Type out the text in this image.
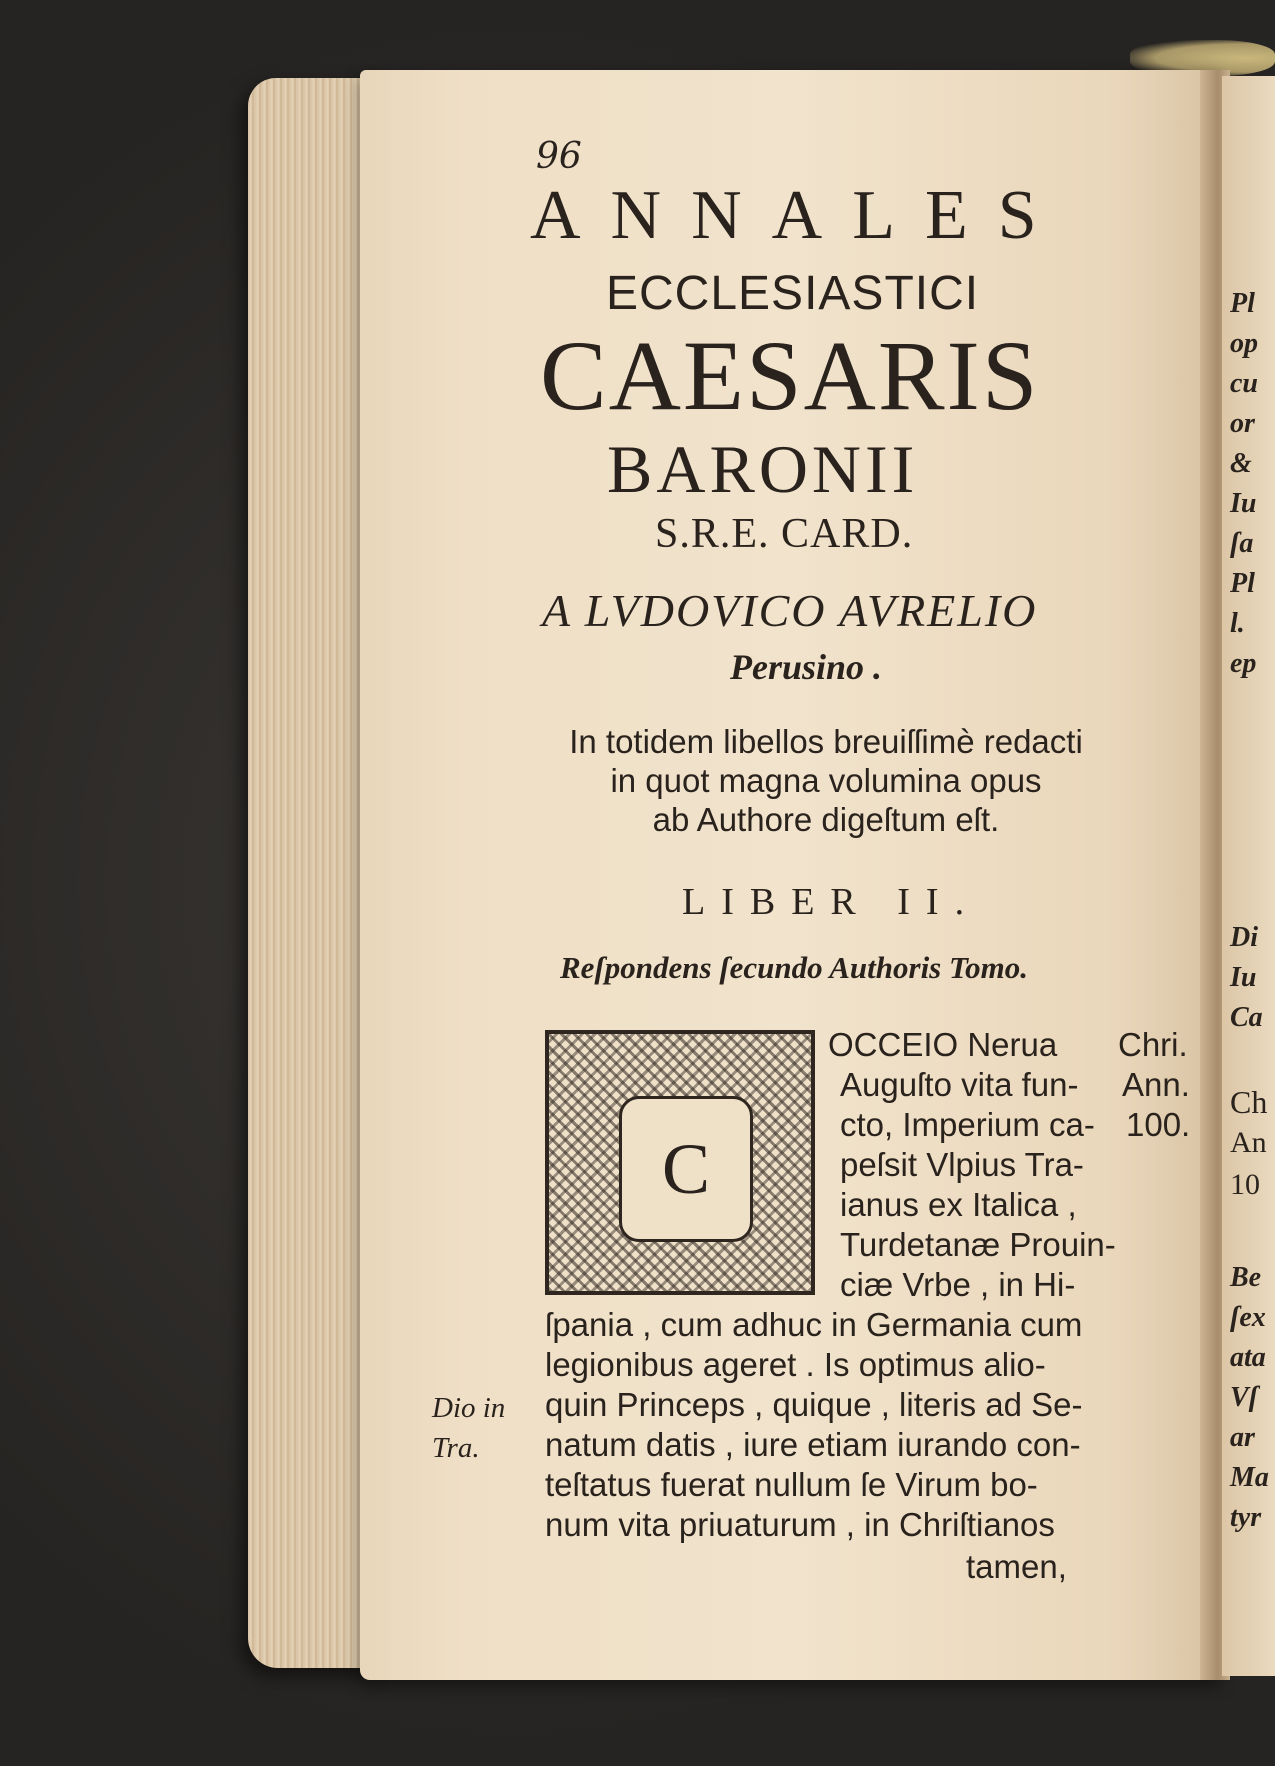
Pl
op
cu
or
&
Iu
ſa
Pl
l.
ep
Di
Iu
Ca
Ch
An
10
Be
ſex
ata
Vſ
ar
Ma
tyr
96
ANNALES
ECCLESIASTICI
CAESARIS
BARONII
S.R.E. CARD.
A LVDOVICO AVRELIO
Perusino .
In totidem libellos breuiſſimè redacti
in quot magna volumina opus
ab Authore digeſtum eſt.
LIBER II.
Reſpondens ſecundo Authoris Tomo.
C
OCCEIO Nerua
Auguſto vita fun-
cto, Imperium ca-
peſsit Vlpius Tra-
ianus ex Italica ,
Turdetanæ Prouin-
ciæ Vrbe , in Hi-
Chri.
Ann.
100.
ſpania , cum adhuc in Germania cum
legionibus ageret . Is optimus alio-
quin Princeps , quique , literis ad Se-
natum datis , iure etiam iurando con-
teſtatus fuerat nullum ſe Virum bo-
num vita priuaturum , in Chriſtianos
tamen,
Dio in
Tra.
